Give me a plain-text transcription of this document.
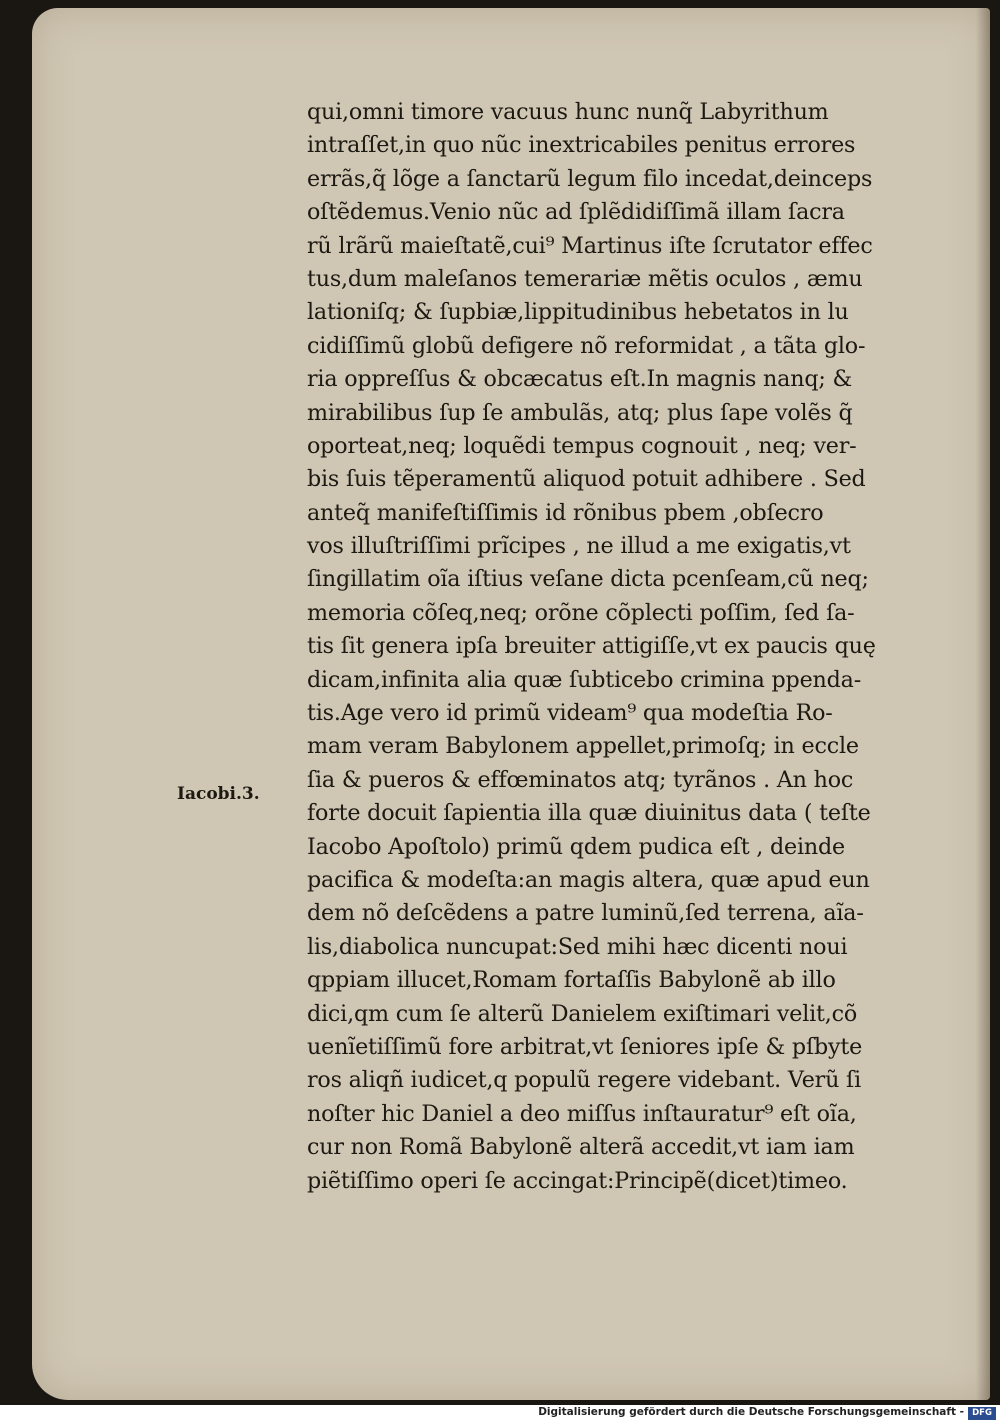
Iacobi.3.
qui,omni timore vacuus hunc nunq̃ Labyrithum
intraſſet,in quo nũc inextricabiles penitus errores
errãs,q̃ lõge a ſanctarũ legum filo incedat,deinceps
oſtẽdemus.Venio nũc ad ſplẽdidiſſimã illam ſacra
rũ lrãrũ maieſtatẽ,cui⁹ Martinus iſte ſcrutator effec
tus,dum maleſanos temerariæ mẽtis oculos , æmu
lationiſq; & ſupbiæ,lippitudinibus hebetatos in lu
cidiſſimũ globũ defigere nõ reformidat , a tãta glo-
ria oppreſſus & obcæcatus eſt.In magnis nanq; &
mirabilibus ſup ſe ambulãs, atq; plus ſape volẽs q̃
oporteat,neq; loquẽdi tempus cognouit , neq; ver-
bis ſuis tẽperamentũ aliquod potuit adhibere . Sed
anteq̃ manifeſtiſſimis id rõnibus pbem ,obſecro
vos illuſtriſſimi prĩcipes , ne illud a me exigatis,vt
ſingillatim oĩa iſtius veſane dicta pcenſeam,cũ neq;
memoria cõſeq,neq; orõne cõplecti poſſim, ſed ſa-
tis ſit genera ipſa breuiter attigiſſe,vt ex paucis quę
dicam,infinita alia quæ ſubticebo crimina ppenda-
tis.Age vero id primũ videam⁹ qua modeſtia Ro-
mam veram Babylonem appellet,primoſq; in eccle
ſia & pueros & effœminatos atq; tyrãnos . An hoc
forte docuit ſapientia illa quæ diuinitus data ( teſte
Iacobo Apoſtolo) primũ qdem pudica eſt , deinde
pacifica & modeſta:an magis altera, quæ apud eun
dem nõ deſcẽdens a patre luminũ,ſed terrena, aĩa-
lis,diabolica nuncupat:Sed mihi hæc dicenti noui
qppiam illucet,Romam fortaſſis Babylonẽ ab illo
dici,qm cum ſe alterũ Danielem exiſtimari velit,cõ
uenĩetiſſimũ fore arbitrat,vt ſeniores ipſe & pſbyte
ros aliqñ iudicet,q populũ regere videbant. Verũ ſi
noſter hic Daniel a deo miſſus inſtauratur⁹ eſt oĩa,
cur non Romã Babylonẽ alterã accedit,vt iam iam
piẽtiſſimo operi ſe accingat:Principẽ(dicet)timeo.
Digitalisierung gefördert durch die Deutsche Forschungsgemeinschaft - DFG
